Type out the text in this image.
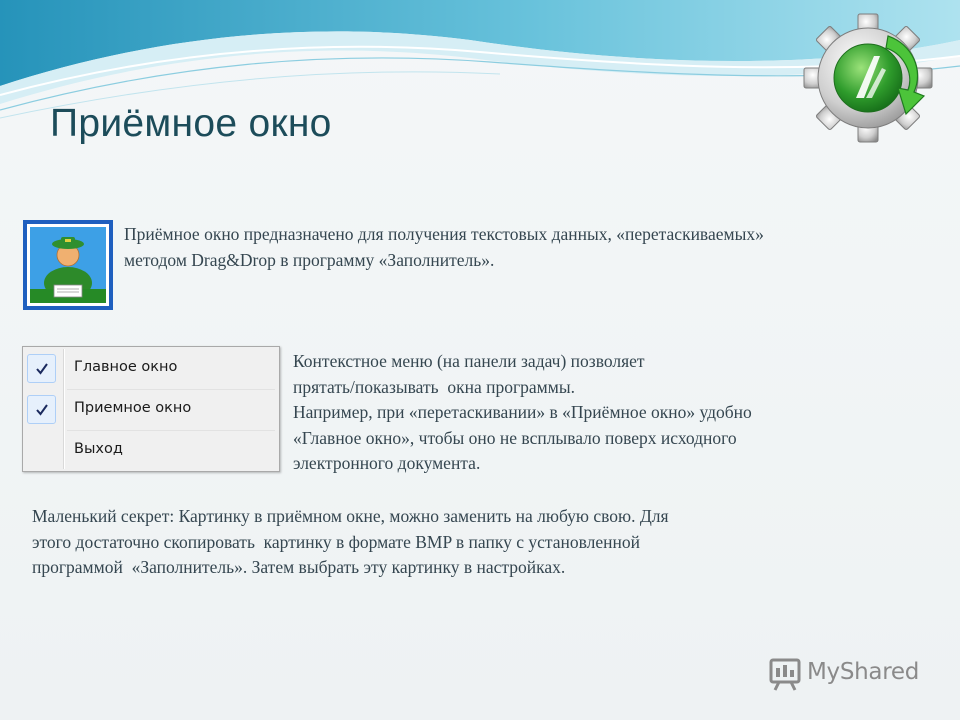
Приёмное окно
Приёмное окно предназначено для получения текстовых данных, «перетаскиваемых» методом Drag&Drop в программу «Заполнитель».
Главное окно
Приемное окно
Выход
Контекстное меню (на панели задач) позволяет
прятать/показывать  окна программы.
Например, при «перетаскивании» в «Приёмное окно» удобно
«Главное окно», чтобы оно не всплывало поверх исходного
электронного документа.
Маленький секрет: Картинку в приёмном окне, можно заменить на любую свою. Для
этого достаточно скопировать  картинку в формате BMP в папку с установленной
программой  «Заполнитель». Затем выбрать эту картинку в настройках.
MyShared
